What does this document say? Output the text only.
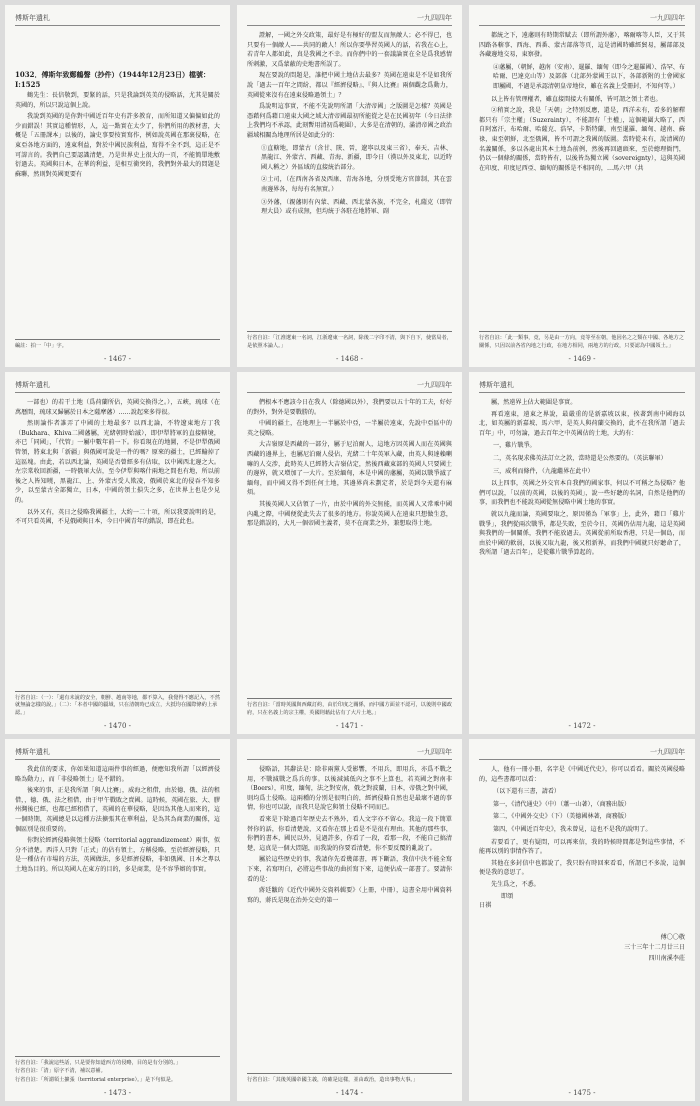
傅斯年遺札
1032．傅斯年致鄭鶴聲（抄件）（1944年12月23日）檔號：I:1525

鶴先生：長信敬到，要緊的話，只是我論到英美的侵略話，尤其是關於英國的，所以只說這個上說。

我說到英國的是你對中國近百年史有許多教育，而所知道又偏偏如此的少而錯誤！其實這種情形，人，這一點實在太少了，你們所用的教材書，大概是「五冊課本」以後的，論史事要按實寫作，例如說英國在那裏侵略，在東亞各地方面的，遠東利益，對於中國民族利益，寫得不全不到，這正是不可諱言的。我們自己要認識清楚，乃是世界史上很大的一頁，不能簡單地敷衍過去。英國與日本，在華的利益，是相互衝突的，我們對外最大的問題是蘇聯，然則對英國更要有

編註：拍一「中」字。
- 1467 -
一九四四年

證解，一國之外交政策，最好是有極好的盟友而無敵人；必不得已，也只要有一個敵人——共同的敵人！所以你要學習英國人的話，若我在心上，若青年人都如此，真是我國之不幸。而你們中的一套議論實在全是爲我感情所刺激，又爲蒙蔽的史地書所誤了。

現在要說的問題是，誰把中國土地佔去最多？英國在遠東是不是如我所說「過去一百年之間紛，都以『經濟侵略』、『與人比賽』兩個觀念爲動力，英國從來沒有在遠東侵略過領土」？

爲說明這事實，不能不先說明所謂「大清帝國」之版圖是怎樣？英國是憑藉何爲藉口遠東大國之域大清帝國最初所能從之是在民國初年（今日法律上我們均不承認，此刻暫用清初爲範圍），大多是在清朝的，滿清帝國之政治疆域相關為地理所居是如此分的：

①直轄地，即蒙古（含甘、陝、晉，遼寧以及東三省），奉天、吉林、黑龍江、外蒙古、西藏、青海、新疆，即今日（漢以外及東北，以近時國人稱之）外區域的直接統治部分。
②土司，（在西南各省及西康、青海各地，分別受地方官節制，其在雲南邊界各，每每有名無實。）
③外藩，（親藩則有內蒙、西藏、西北蒙各族，不完全，札薩克（即管理大員）或有成無，但均統于各駐在地將軍、副
行省自註：「江淮遼東一名詞，江浙遼東一名詞，除後二字印不清，與下自下，使當局者，是依照本論人。」
- 1468 -
一九四四年

都統之下，遠藩則有時期常賦去（即所謂外藩），喀爾喀等人臣，又于其四路各轄事、西海、西番、蒙古部落等頁，這是清國時雖經貿易，屬部部及各藏邊地交易，東察發。

④藩屬，（朝鮮，越南（安南）、暹羅、緬甸（即今之暹羅國）、浩罕、布哈爾、巴達克山等）及部落（北部外蒙國王以下，各部新附的土會國家即屬國，不過是承認清朝皇帝地位，雖在名義上受冊封，不知何等。）

以上皆有管理權者，雖直接間接大有關係，皆可謂之領土者也。

②稍實之說，我是「天朝」之特別反應，還是，西洋未有，看多的解釋都只有「宗主權」（Suzerainty），不能謂有「主權」，這個範圍大略了，西自阿富汗，布哈爾、哈薩克、浩罕，卡斯特蘭，南至暹羅、緬甸、越南、蘇祿，東至朝鮮，北至俄國，皆不可謂之我國的版圖。當時從未有，說清國的名義關係，多以各處出其本土地為前例，然後再回過頭來，至於總理衙門，仍以一個條約關係，當時皆有，以後皆為獨立國（sovereignty），這與英國在印度、印度尼西亞、緬甸的關係是不相同的，…馬六甲（共

行省自註：「此一類事，竟，另是由一方向，竟等至在朝，他因名之之類在中國、各地方之關係，只因以前各省內地之行政，在地方相同，兩地方的行政，只要認為中國領土。」
- 1469 -
傅斯年遺札

一部也）的若干土地（爲荷蘭所佔，英國交換得之。），五峽，琉球（在萬曆間，琉球又歸屬於日本之薩摩藩）……說起來多得很。

然則論作者誰弄了中國的土地最多？以西北論，不特遼東地方丁我（Bukhara、Khiva二國藩屬，光緒朝時始滅），即伊犁將軍的直接轄境，亦已「同國」，「代管」一屬中數年前一下。你看現在的地圖，不是伊犁俄國管領，將東北與「新疆」與俄國可說是一件的嗎？原來的疆土，已經輸掉了這區塊。由此，若以西北論，英國是否曾經多有佔取，以中國西北邊之大。左宗棠收回新疆，一時俄軍大佔，至今伊犁與喀什兩地之間也有地，所以前後之人皆知曉，黑龍江、上、外蒙古受人欺凌，俄國於東北的侵吞不知多少，以至蒙古全部獨立，日本，中國的領土損失之多，在世界上也是少見的。

以外又有，英日之侵略我國疆土，大約一二十項，所以我要說明的是，不可只看英國，不見俄國與日本，今日中國青年的錯誤，即在此也。

行省自註：（一）：「還有未說的安全，朝鮮、越南等地，都不算入，我覺得不應記入，不然就無論怎樣的說。」（二）：「本者中國的疆域，只在清朝時已成立，大抵均在國際條約上承認。」
- 1470 -
一九四四年

們根本不應該今日在我人（除德國以外），我們要以五十年的工夫，好好的對外，對外是要戰勝的。

中國的疆土，在地理上一半屬於中亞，一半屬於遠東，先說中亞區中的英之侵略。

大吉嶺原是西藏的一部分，屬于尼泊爾人，這地方因英國人而在英國與西藏的邊界上，也屬尼泊爾人侵佔，光緒二十年英軍入藏，由英人與達賴喇嘛的人交涉，此時英人已經將大吉嶺佔定，然後西藏東部的英國人只要國土的邊界，就又增加了一大片。至於緬甸，本是中國的藩屬，英國以戰爭滅了緬甸，而中國又得不到任何土地，其邊界尚未劃定者，於是到今天還有麻煩。

其後英國人又佔領了一片，由於中國的外交無能，而英國人又常乘中國內亂之際，中國便從此失去了很多的地方。你說英國人在遠東只想做生意，那是錯誤的，大凡一個帝國主義者，莫不在商業之外，兼想取得土地。

行省自註：「當時英國與西藏訂約，由於印度之關係，而中國方面並不認可，以後則中國政府，只在名義上的宗主權，英國則藉此佔有了大片土地。」
- 1471 -
傅斯年遺札

屬，然遠界上佔大範圍是事實。

再看遠東，遠東之界說，最嚴重的是新嘉坡以東，挨著到南中國海以北，如英屬的新嘉坡、馬六甲，是英人與荷蘭交換的，此不在我所謂「過去百年」中，可勿論，過去百年之中英國佔的土地，大約有：

一，雞片戰爭。
二，英名現求佛英法訂立之款，當時還是公然要的。（英法聯軍）
三，威利而條件，（九龍繼界在此中）

以上四事，英國之外交官本自我們的國家事，何以不可稱之為侵略？他們可以說，「以前的英國，以後的英國」，說一些好聽的名詞，自然是他們的事，而我們也不能說英國從無侵略中國土地的事實。

就以九龍而論，英國要取之，原因僅為「軍事」上，此外，藉口「雞片戰爭」，我們從兩次戰爭，都是失敗，至於今日，英國仍佔用九龍，這是英國與我們的一個關係，我們不能放過去。英國從前所取香港，只是一個島，而由於中國的軟弱，以後又取九龍，後又租新界，而我們中國就只好聽命了，我所謂「過去百年」，是從雞片戰爭算起的。

- 1472 -
傅斯年遺札

我此信的要求，你如果知道這兩件事的經過，便應知我所謂「以經濟侵略為動力」，而「非侵略領土」是不錯的。

後來的事，正是我所謂「與人比賽」，威海之租借，由於德、俄、法的租借，，德、俄、法之租借，由于甲午戰敗之賣國。這時候，英國在旅、大、膠州灣後已經，也都已經租借了，英國的在華侵略，是因為其他人而來的，這一個時期，英國總是以這種方法擴張其在華利益，是為其為商業的關係，這個區別是很重要的。

你對於經濟侵略與領土侵略（territorial aggrandizement）兩事，似分不清楚。西洋人只對「正式」的佔有領土，方稱侵略，至於經濟侵略，只是一種佔有市場的方法，英國做法，多是經濟侵略，非如俄國、日本之專以土地為目的。所以英國人在東方的目的，多是商業，是不容爭辯的事實。

行省自註：「我說這些話，只是要你知道西方的侵略，目的是有分別的。」
行省自註：「清」原字不清，補以意補。
行省自註：「所謂領土擴張（territorial enterprise）。」是下句似是。
- 1473 -
一九四四年

侵略語，其辭法是：除非兩黨人受影響，不用兵，即用兵，亦爲不戰之用，不戰減戰之爲兵的事。以後減減低內之事不上算也，若英國之對南非（Boers），印度，緬甸，法之對安南，俄之對波蘭，日本，帝俄之對中國，則均爲土侵略。這兩種的分別是很明白的，經濟侵略自然也是最壞不過的事情，你也可以說，而我只是說它與領土侵略不同而已。

看來是下除過百年歷史去不熟外，看人文字亦不留心。我這一段下簡單替你的話，你看清楚說，又看你在那上看是不是很有理由。其他的那些事，你們的書本，國民以外，見過許多，你看了一段，看那一段，不能自己搞清楚，這真是一個大問題，而我說的你要看清楚，你不要反覆的亂說了。

屬於這些歷史的事，我請你先看幾部書，再下斷語，我信中決不能全寫下來，若寫明白，必將這些事故的曲折寫下來，這便佔成一部書了。要請你看的是：

蔣廷黻的《近代中國外交資料輯要》（上冊，中冊），這書全用中國資料寫的，蔣氏是現在治外交史的第一

行省自註：「其後英國帝國主義，的確是這樣，並由政治，造出事物大事。」
- 1474 -
一九四四年

人，他有一冊小冊，名字是《中國近代史》，你可以看看。關於英國侵略的，這些書都可以看：

（以下還有三書，請看）
第一，《清代通史》（中）（蕭一山著），（商務出版）
第二，《中國外交史》（下）（美德國林著，商務版）
第四，《中國近百年史》，我未曾見，這也不是我的說明了。

若要看了，更有疑問，可以再來信，我的時候時間都是對這些事情，不能再以別的事情作答了。

其他在多封信中也都說了，我只盼有時回來看看，所謂已不多說，這個便是我的意思了。

先生爲之，不悉。

即頌
日祺
傅〇〇敬
三十三年十二月廿三日
四川南溪李莊
- 1475 -
